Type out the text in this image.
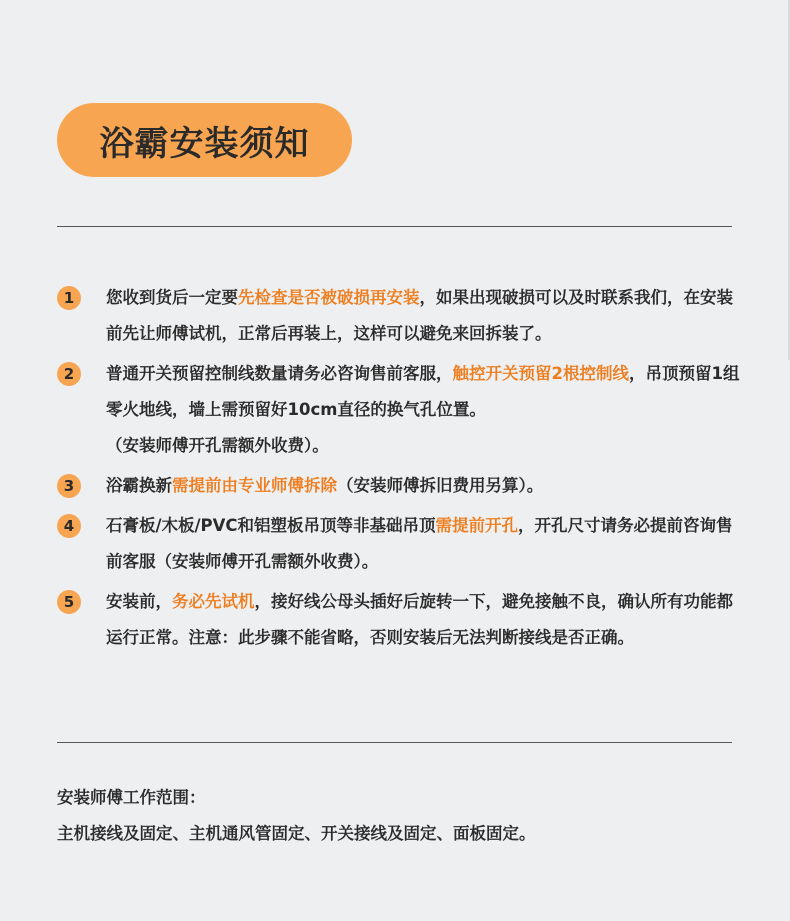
浴霸安装须知
1	您收到货后一定要先检查是否被破损再安装，如果出现破损可以及时联系我们，在安装前先让师傅试机，正常后再装上，这样可以避免来回拆装了。
2	普通开关预留控制线数量请务必咨询售前客服，触控开关预留2根控制线，吊顶预留1组零火地线，墙上需预留好10cm直径的换气孔位置。
（安装师傅开孔需额外收费）。
3	浴霸换新需提前由专业师傅拆除（安装师傅拆旧费用另算）。
4	石膏板/木板/PVC和铝塑板吊顶等非基础吊顶需提前开孔，开孔尺寸请务必提前咨询售前客服（安装师傅开孔需额外收费）。
5	安装前，务必先试机，接好线公母头插好后旋转一下，避免接触不良，确认所有功能都运行正常。注意：此步骤不能省略，否则安装后无法判断接线是否正确。

安装师傅工作范围：

主机接线及固定、主机通风管固定、开关接线及固定、面板固定。
